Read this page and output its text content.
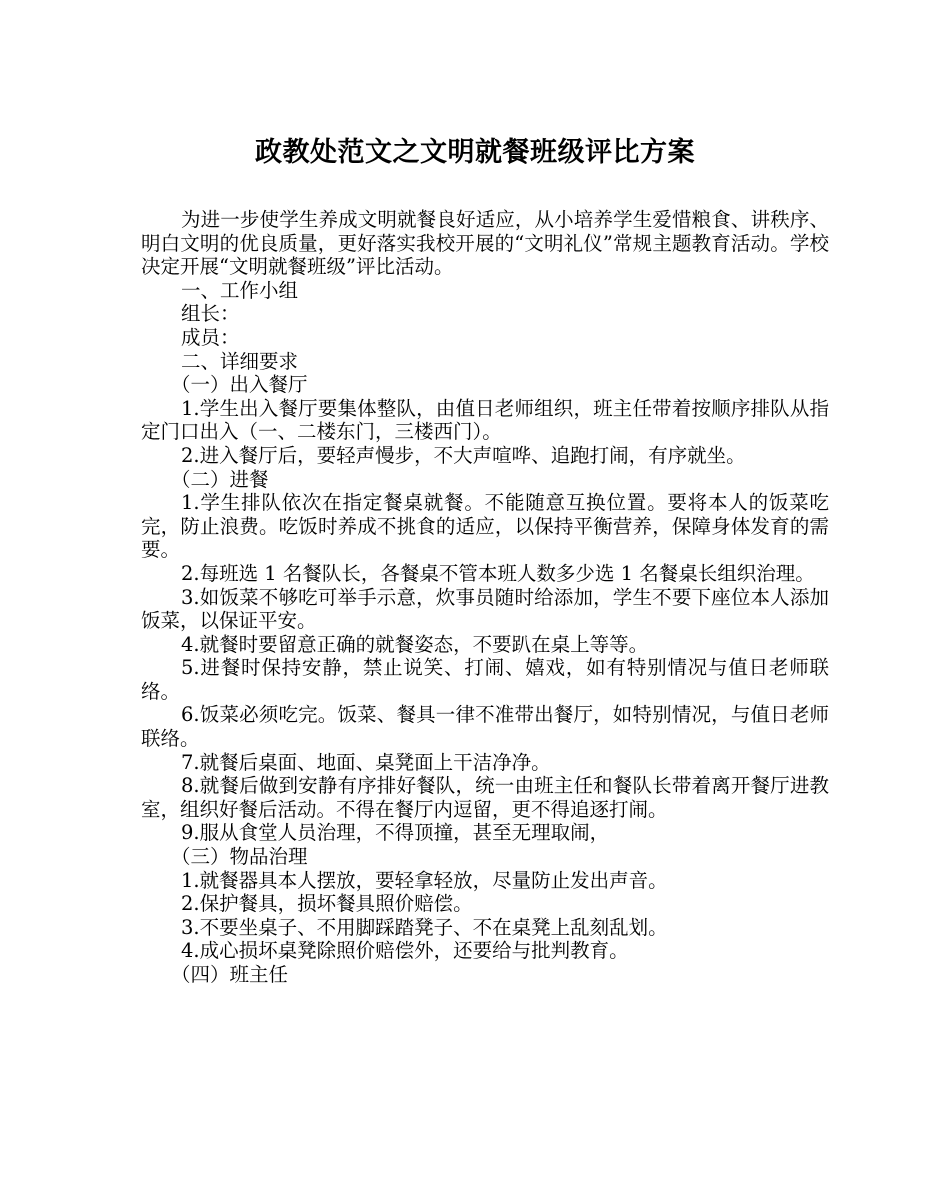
政教处范文之文明就餐班级评比方案

为进一步使学生养成文明就餐良好适应，从小培养学生爱惜粮食、讲秩序、明白文明的优良质量，更好落实我校开展的“文明礼仪”常规主题教育活动。学校决定开展“文明就餐班级”评比活动。

一、工作小组

组长：

成员：

二、详细要求

（一）出入餐厅

1.学生出入餐厅要集体整队，由值日老师组织，班主任带着按顺序排队从指定门口出入（一、二楼东门，三楼西门）。

2.进入餐厅后，要轻声慢步，不大声喧哗、追跑打闹，有序就坐。

（二）进餐

1.学生排队依次在指定餐桌就餐。不能随意互换位置。要将本人的饭菜吃完，防止浪费。吃饭时养成不挑食的适应，以保持平衡营养，保障身体发育的需要。

2.每班选 1 名餐队长，各餐桌不管本班人数多少选 1 名餐桌长组织治理。

3.如饭菜不够吃可举手示意，炊事员随时给添加，学生不要下座位本人添加饭菜，以保证平安。

4.就餐时要留意正确的就餐姿态，不要趴在桌上等等。

5.进餐时保持安静，禁止说笑、打闹、嬉戏，如有特别情况与值日老师联络。

6.饭菜必须吃完。饭菜、餐具一律不准带出餐厅，如特别情况，与值日老师联络。

7.就餐后桌面、地面、桌凳面上干洁净净。

8.就餐后做到安静有序排好餐队，统一由班主任和餐队长带着离开餐厅进教室，组织好餐后活动。不得在餐厅内逗留，更不得追逐打闹。

9.服从食堂人员治理，不得顶撞，甚至无理取闹，

（三）物品治理

1.就餐器具本人摆放，要轻拿轻放，尽量防止发出声音。

2.保护餐具，损坏餐具照价赔偿。

3.不要坐桌子、不用脚踩踏凳子、不在桌凳上乱刻乱划。

4.成心损坏桌凳除照价赔偿外，还要给与批判教育。

（四）班主任
